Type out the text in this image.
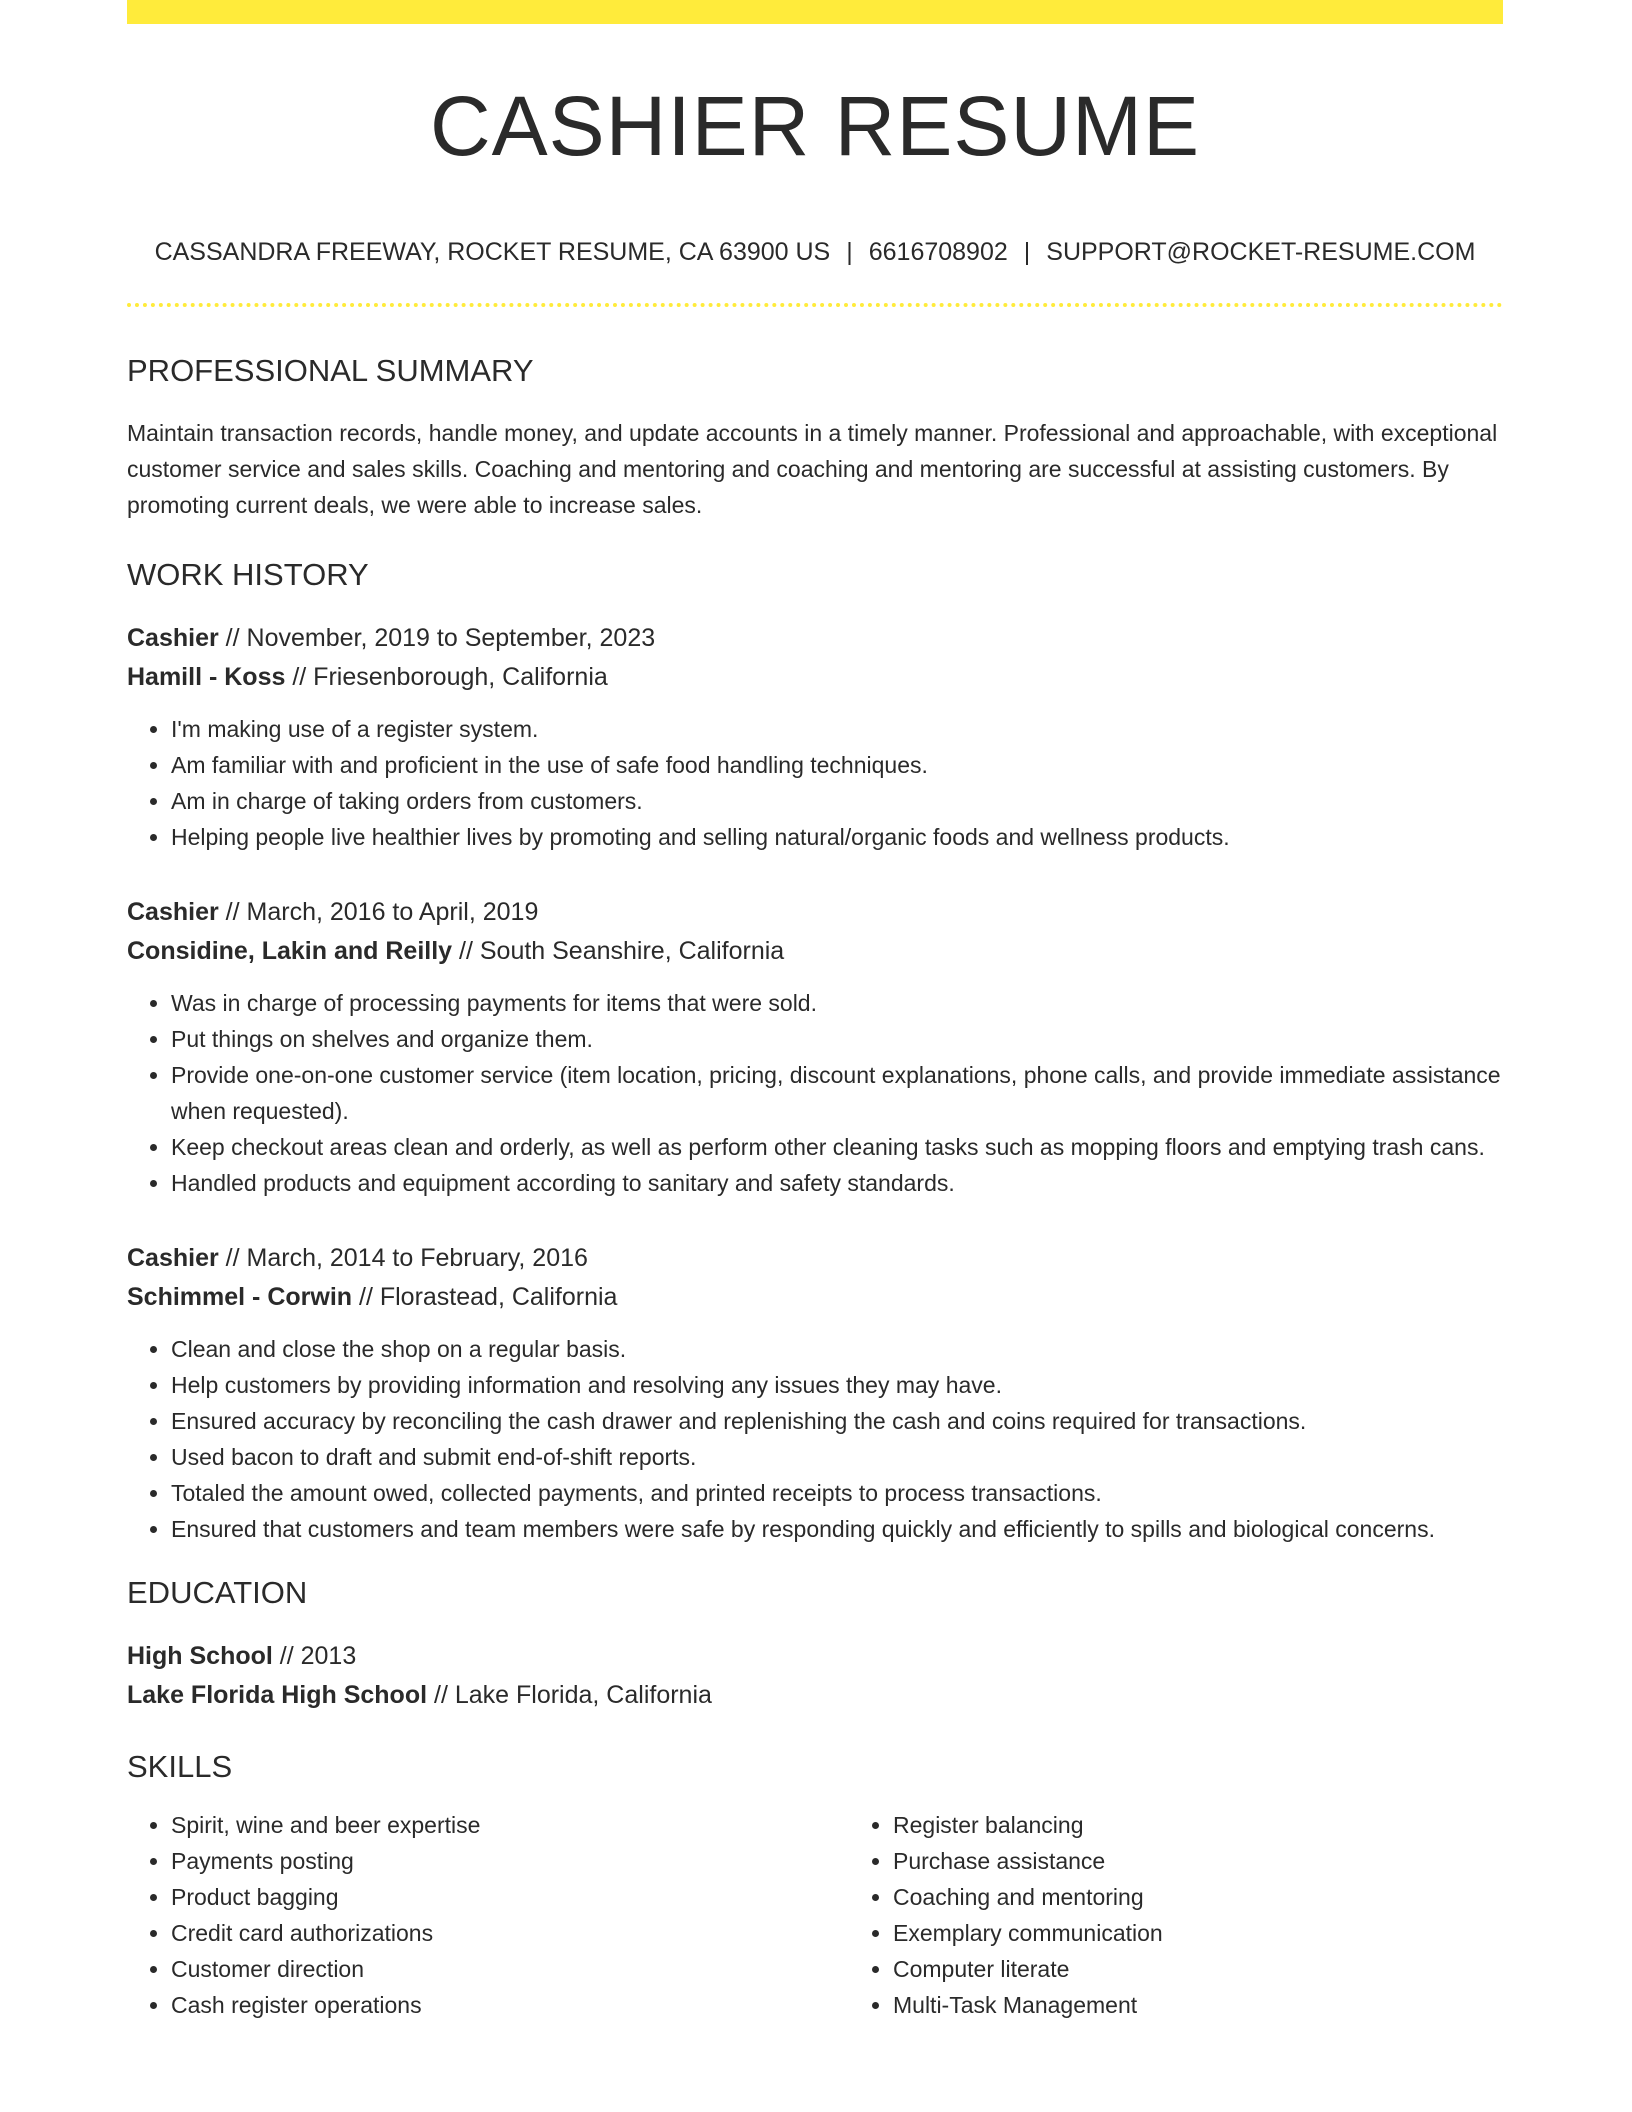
CASHIER RESUME
CASSANDRA FREEWAY, ROCKET RESUME, CA 63900 US | 6616708902 | SUPPORT@ROCKET-RESUME.COM
PROFESSIONAL SUMMARY

Maintain transaction records, handle money, and update accounts in a timely manner. Professional and approachable, with exceptional customer service and sales skills. Coaching and mentoring and coaching and mentoring are successful at assisting customers. By promoting current deals, we were able to increase sales.

WORK HISTORY
Cashier // November, 2019 to September, 2023
Hamill - Koss // Friesenborough, California
• I'm making use of a register system.
• Am familiar with and proficient in the use of safe food handling techniques.
• Am in charge of taking orders from customers.
• Helping people live healthier lives by promoting and selling natural/organic foods and wellness products.
Cashier // March, 2016 to April, 2019
Considine, Lakin and Reilly // South Seanshire, California
• Was in charge of processing payments for items that were sold.
• Put things on shelves and organize them.
• Provide one-on-one customer service (item location, pricing, discount explanations, phone calls, and provide immediate assistance when requested).
• Keep checkout areas clean and orderly, as well as perform other cleaning tasks such as mopping floors and emptying trash cans.
• Handled products and equipment according to sanitary and safety standards.
Cashier // March, 2014 to February, 2016
Schimmel - Corwin // Florastead, California
• Clean and close the shop on a regular basis.
• Help customers by providing information and resolving any issues they may have.
• Ensured accuracy by reconciling the cash drawer and replenishing the cash and coins required for transactions.
• Used bacon to draft and submit end-of-shift reports.
• Totaled the amount owed, collected payments, and printed receipts to process transactions.
• Ensured that customers and team members were safe by responding quickly and efficiently to spills and biological concerns.
EDUCATION
High School // 2013
Lake Florida High School // Lake Florida, California
SKILLS
• Spirit, wine and beer expertise
• Payments posting
• Product bagging
• Credit card authorizations
• Customer direction
• Cash register operations
• Register balancing
• Purchase assistance
• Coaching and mentoring
• Exemplary communication
• Computer literate
• Multi-Task Management
